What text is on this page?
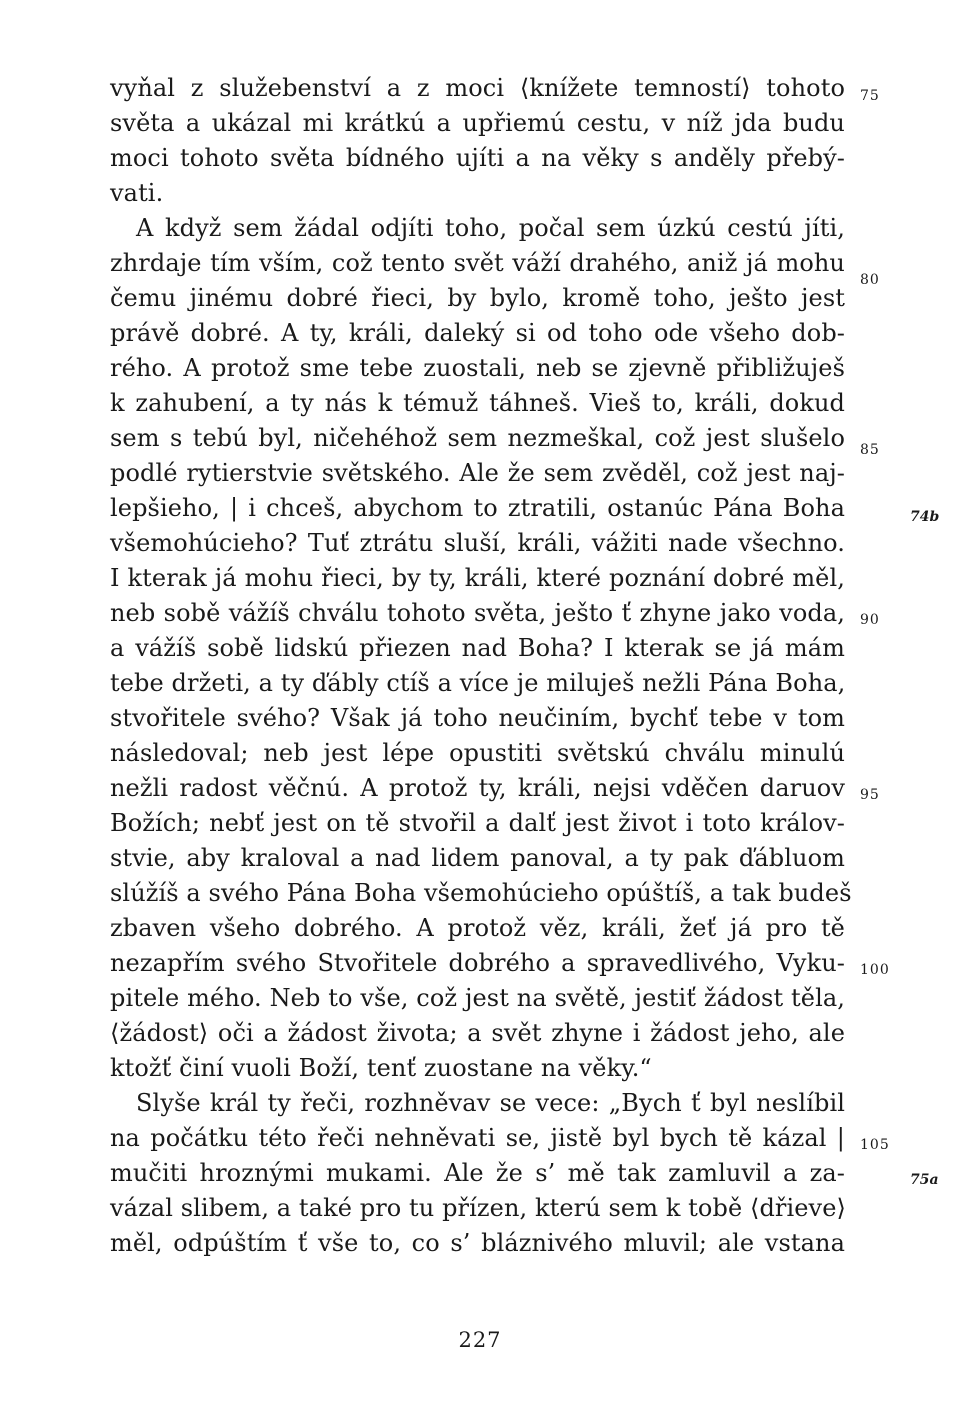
vyňal z služebenství a z moci ⟨knížete temností⟩ tohoto
světa a ukázal mi krátkú a upřiemú cestu, v níž jda budu
moci tohoto světa bídného ujíti a na věky s anděly přebý-
vati.
A když sem žádal odjíti toho, počal sem úzkú cestú jíti,
zhrdaje tím vším, což tento svět váží drahého, aniž já mohu
čemu jinému dobré řieci, by bylo, kromě toho, ješto jest
právě dobré. A ty, králi, daleký si od toho ode všeho dob-
rého. A protož sme tebe zuostali, neb se zjevně přibližuješ
k zahubení, a ty nás k témuž táhneš. Vieš to, králi, dokud
sem s tebú byl, ničehéhož sem nezmeškal, což jest slušelo
podlé rytierstvie světského. Ale že sem zvěděl, což jest naj-
lepšieho, | i chceš, abychom to ztratili, ostanúc Pána Boha
všemohúcieho? Tuť ztrátu sluší, králi, vážiti nade všechno.
I kterak já mohu řieci, by ty, králi, které poznání dobré měl,
neb sobě vážíš chválu tohoto světa, ješto ť zhyne jako voda,
a vážíš sobě lidskú přiezen nad Boha? I kterak se já mám
tebe držeti, a ty ďábly ctíš a více je miluješ nežli Pána Boha,
stvořitele svého? Však já toho neučiním, bychť tebe v tom
následoval; neb jest lépe opustiti světskú chválu minulú
nežli radost věčnú. A protož ty, králi, nejsi vděčen daruov
Božích; nebť jest on tě stvořil a dalť jest život i toto králov-
stvie, aby kraloval a nad lidem panoval, a ty pak ďábluom
slúžíš a svého Pána Boha všemohúcieho opúštíš, a tak budeš
zbaven všeho dobrého. A protož věz, králi, žeť já pro tě
nezapřím svého Stvořitele dobrého a spravedlivého, Vyku-
pitele mého. Neb to vše, což jest na světě, jestiť žádost těla,
⟨žádost⟩ oči a žádost života; a svět zhyne i žádost jeho, ale
ktožť činí vuoli Boží, tenť zuostane na věky.“
Slyše král ty řeči, rozhněvav se vece: „Bych ť byl neslíbil
na počátku této řeči nehněvati se, jistě byl bych tě kázal |
mučiti hroznými mukami. Ale že s’ mě tak zamluvil a za-
vázal slibem, a také pro tu přízen, kterú sem k tobě ⟨dřieve⟩
měl, odpúštím ť vše to, co s’ bláznivého mluvil; ale vstana
75
80
85
90
95
100
105
74b
75a
227
